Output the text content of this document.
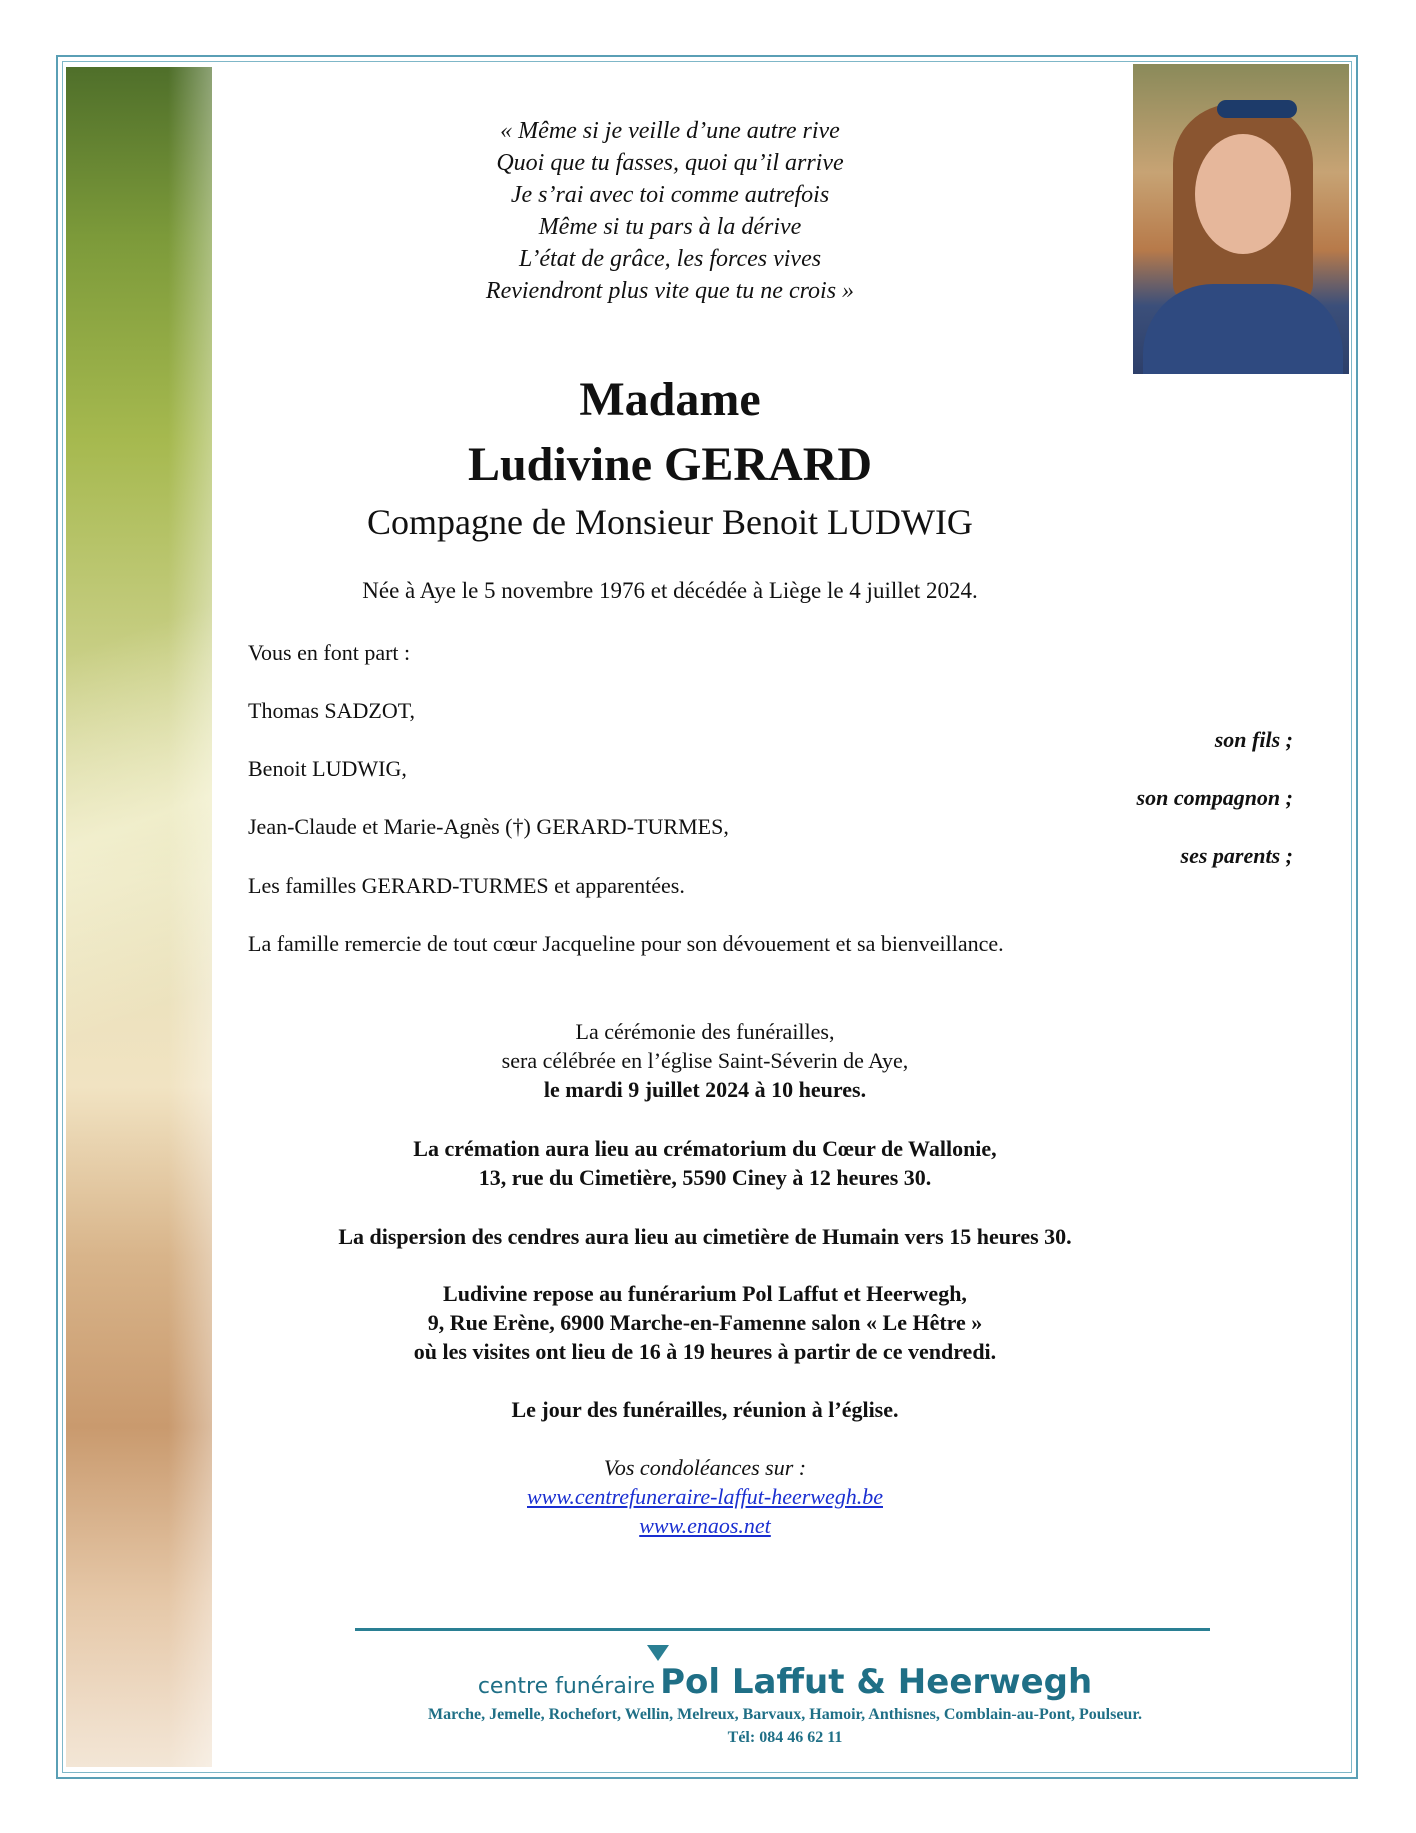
« Même si je veille d’une autre rive
Quoi que tu fasses, quoi qu’il arrive
Je s’rai avec toi comme autrefois
Même si tu pars à la dérive
L’état de grâce, les forces vives
Reviendront plus vite que tu ne crois »
Madame
Ludivine GERARD
Compagne de Monsieur Benoit LUDWIG
Née à Aye le 5 novembre 1976 et décédée à Liège le 4 juillet 2024.
Vous en font part :
Thomas SADZOT,
son fils ;
Benoit LUDWIG,
son compagnon ;
Jean-Claude et Marie-Agnès (†) GERARD-TURMES,
ses parents ;
Les familles GERARD-TURMES et apparentées.
La famille remercie de tout cœur Jacqueline pour son dévouement et sa bienveillance.
La cérémonie des funérailles,
sera célébrée en l’église Saint-Séverin de Aye,
le mardi 9 juillet 2024 à 10 heures.
La crémation aura lieu au crématorium du Cœur de Wallonie,
13, rue du Cimetière, 5590 Ciney à 12 heures 30.
La dispersion des cendres aura lieu au cimetière de Humain vers 15 heures 30.
Ludivine repose au funérarium Pol Laffut et Heerwegh,
9, Rue Erène, 6900 Marche-en-Famenne salon « Le Hêtre »
où les visites ont lieu de 16 à 19 heures à partir de ce vendredi.
Le jour des funérailles, réunion à l’église.
Vos condoléances sur :
www.centrefuneraire-laffut-heerwegh.be
www.enaos.net
centre funéraire Pol Laffut & Heerwegh
Marche, Jemelle, Rochefort, Wellin, Melreux, Barvaux, Hamoir, Anthisnes, Comblain-au-Pont, Poulseur.
Tél: 084 46 62 11
